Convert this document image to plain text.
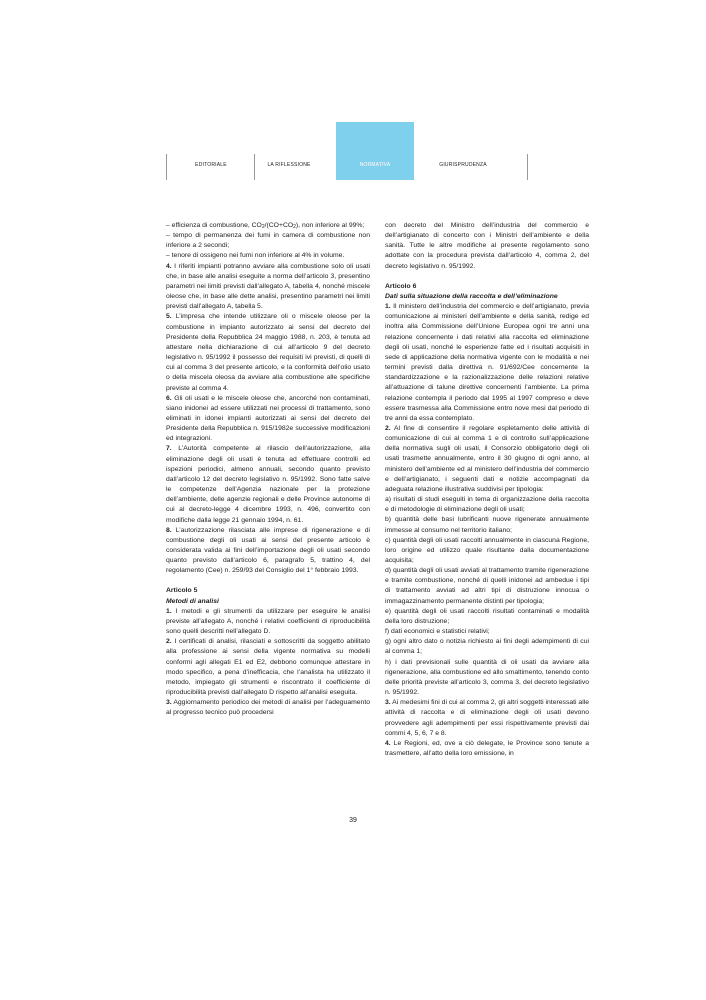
EDITORIALE	LA RIFLESSIONE	NORMATIVA	GIURISPRUDENZA

– efficienza di combustione, $CO_2/(CO+CO_2)$, non inferiore al 99%;

– tempo di permanenza dei fumi in camera di combustione non inferiore a 2 secondi;

– tenore di ossigeno nei fumi non inferiore al 4% in volume.

4. I riferiti impianti potranno avviare alla combustione solo oli usati che, in base alle analisi eseguite a norma dell’articolo 3, presentino parametri nei limiti previsti dall’allegato A, tabella 4, nonché miscele oleose che, in base alle dette analisi, presentino parametri nei limiti previsti dall’allegato A, tabella 5.

5. L’impresa che intende utilizzare oli o miscele oleose per la combustione in impianto autorizzato ai sensi del decreto del Presidente della Repubblica 24 maggio 1988, n. 203, è tenuta ad attestare nella dichiarazione di cui all’articolo 9 del decreto legislativo n. 95/1992 il possesso dei requisiti ivi previsti, di quelli di cui al comma 3 del presente articolo, e la conformità dell’olio usato o della miscela oleosa da avviare alla combustione alle specifiche previste al comma 4.

6. Gli oli usati e le miscele oleose che, ancorché non contaminati, siano inidonei ad essere utilizzati nei processi di trattamento, sono eliminati in idonei impianti autorizzati ai sensi del decreto del Presidente della Repubblica n. 915/1982e successive modificazioni ed integrazioni.

7. L’Autorità competente al rilascio dell’autorizzazione, alla eliminazione degli oli usati è tenuta ad effettuare controlli ed ispezioni periodici, almeno annuali, secondo quanto previsto dall’articolo 12 del decreto legislativo n. 95/1992. Sono fatte salve le competenze dell’Agenzia nazionale per la protezione dell’ambiente, delle agenzie regionali e delle Province autonome di cui al decreto-legge 4 dicembre 1993, n. 496, convertito con modifiche dalla legge 21 gennaio 1994, n. 61.

8. L’autorizzazione rilasciata alle imprese di rigenerazione e di combustione degli oli usati ai sensi del presente articolo è considerata valida ai fini dell’importazione degli oli usati secondo quanto previsto dall’articolo 6, paragrafo 5, trattino 4, del regolamento (Cee) n. 259/93 del Consiglio del 1° febbraio 1993.

Articolo 5

Metodi di analisi

1. I metodi e gli strumenti da utilizzare per eseguire le analisi previste all’allegato A, nonché i relativi coefficienti di riproducibilità sono quelli descritti nell’allegato D.

2. I certificati di analisi, rilasciati e sottoscritti da soggetto abilitato alla professione ai sensi della vigente normativa su modelli conformi agli allegati E1 ed E2, debbono comunque attestare in modo specifico, a pena d’inefficacia, che l’analista ha utilizzato il metodo, impiegato gli strumenti e riscontrato il coefficiente di riproducibilità previsti dall’allegato D rispetto all’analisi eseguita.

3. Aggiornamento periodico dei metodi di analisi per l’adeguamento al progresso tecnico può procedersi

con decreto del Ministro dell’industria del commercio e dell’artigianato di concerto con i Ministri dell’ambiente e della sanità. Tutte le altre modifiche al presente regolamento sono adottate con la procedura prevista dall’articolo 4, comma 2, del decreto legislativo n. 95/1992.

Articolo 6

Dati sulla situazione della raccolta e dell’eliminazione

1. Il ministero dell’industria del commercio e dell’artigianato, previa comunicazione ai ministeri dell’ambiente e della sanità, redige ed inoltra alla Commissione dell’Unione Europea ogni tre anni una relazione concernente i dati relativi alla raccolta ed eliminazione degli oli usati, nonché le esperienze fatte ed i risultati acquisiti in sede di applicazione della normativa vigente con le modalità e nei termini previsti dalla direttiva n. 91/692/Cee concernente la standardizzazione e la razionalizzazione delle relazioni relative all’attuazione di talune direttive concernenti l’ambiente. La prima relazione contempla il periodo dal 1995 al 1997 compreso e deve essere trasmessa alla Commissione entro nove mesi dal periodo di tre anni da essa contemplato.

2. Al fine di consentire il regolare espletamento delle attività di comunicazione di cui al comma 1 e di controllo sull’applicazione della normativa sugli oli usati, il Consorzio obbligatorio degli oli usati trasmette annualmente, entro il 30 giugno di ogni anno, al ministero dell’ambiente ed al ministero dell’industria del commercio e dell’artigianato, i seguenti dati e notizie accompagnati da adeguata relazione illustrativa suddivisi per tipologia:

a) risultati di studi eseguiti in tema di organizzazione della raccolta e di metodologie di eliminazione degli oli usati;

b) quantità delle basi lubrificanti nuove rigenerate annualmente immesse al consumo nel territorio italiano;

c) quantità degli oli usati raccolti annualmente in ciascuna Regione, loro origine ed utilizzo quale risultante dalla documentazione acquisita;

d) quantità degli oli usati avviati al trattamento tramite rigenerazione e tramite combustione, nonché di quelli inidonei ad ambedue i tipi di trattamento avviati ad altri tipi di distruzione innocua o immagazzinamento permanente distinti per tipologia;

e) quantità degli oli usati raccolti risultati contaminati e modalità della loro distruzione;

f) dati economici e statistici relativi;

g) ogni altro dato o notizia richiesto ai fini degli adempimenti di cui al comma 1;

h) i dati previsionali sulle quantità di oli usati da avviare alla rigenerazione, alla combustione ed allo smaltimento, tenendo conto delle priorità previste all’articolo 3, comma 3, del decreto legislativo n. 95/1992.

3. Ai medesimi fini di cui al comma 2, gli altri soggetti interessati alle attività di raccolta e di eliminazione degli oli usati devono provvedere agli adempimenti per essi rispettivamente previsti dai commi 4, 5, 6, 7 e 8.

4. Le Regioni, ed, ove a ciò delegate, le Province sono tenute a trasmettere, all’atto della loro emissione, in

39
